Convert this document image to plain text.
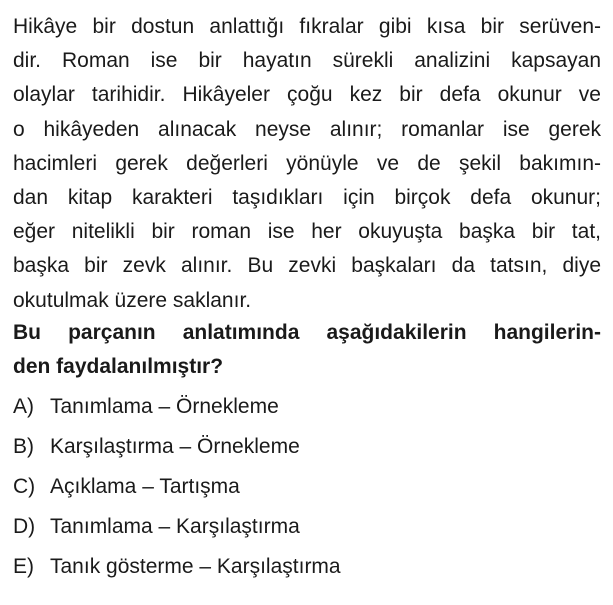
Hikâye bir dostun anlattığı fıkralar gibi kısa bir serüven-
dir. Roman ise bir hayatın sürekli analizini kapsayan
olaylar tarihidir. Hikâyeler çoğu kez bir defa okunur ve
o hikâyeden alınacak neyse alınır; romanlar ise gerek
hacimleri gerek değerleri yönüyle ve de şekil bakımın-
dan kitap karakteri taşıdıkları için birçok defa okunur;
eğer nitelikli bir roman ise her okuyuşta başka bir tat,
başka bir zevk alınır. Bu zevki başkaları da tatsın, diye
okutulmak üzere saklanır.
Bu parçanın anlatımında aşağıdakilerin hangilerin-
den faydalanılmıştır?
A) Tanımlama – Örnekleme
B) Karşılaştırma – Örnekleme
C) Açıklama – Tartışma
D) Tanımlama – Karşılaştırma
E) Tanık gösterme – Karşılaştırma
